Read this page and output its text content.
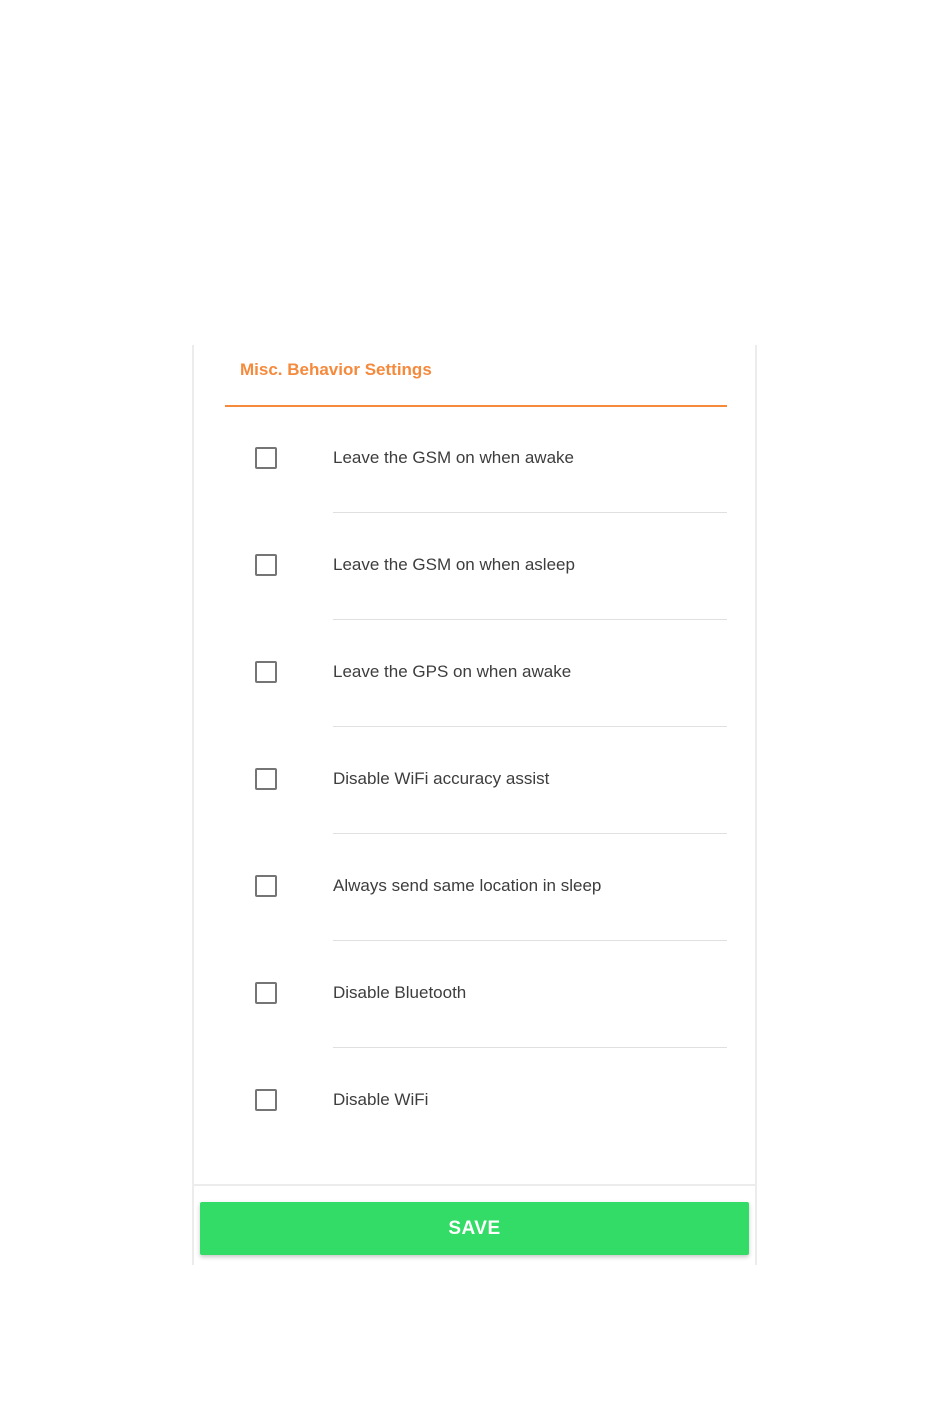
Misc. Behavior Settings
Leave the GSM on when awake
Leave the GSM on when asleep
Leave the GPS on when awake
Disable WiFi accuracy assist
Always send same location in sleep
Disable Bluetooth
Disable WiFi
SAVE
